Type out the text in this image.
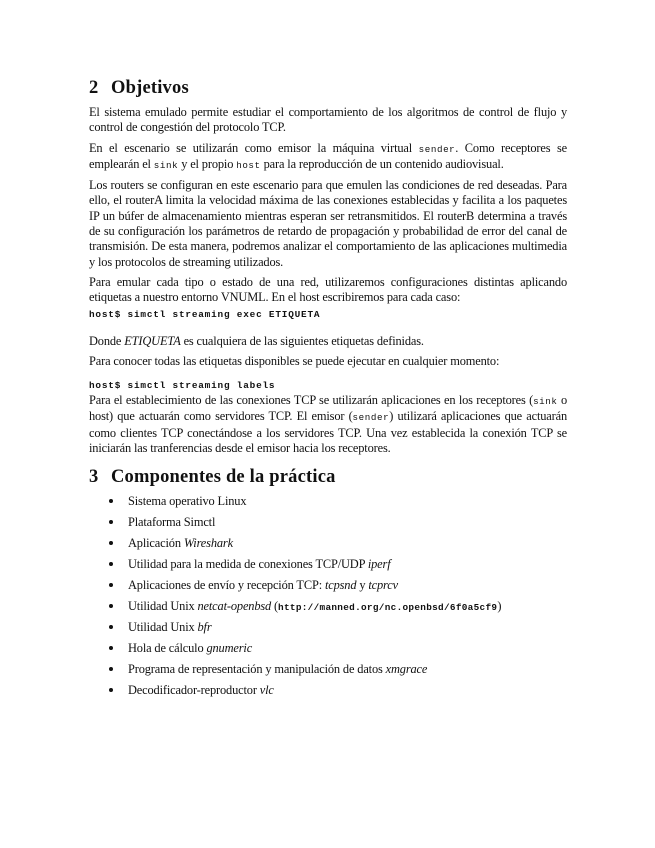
2 Objetivos

El sistema emulado permite estudiar el comportamiento de los algoritmos de control de flujo y control de congestión del protocolo TCP.

En el escenario se utilizarán como emisor la máquina virtual sender. Como receptores se emplearán el sink y el propio host para la reproducción de un contenido audiovisual.

Los routers se configuran en este escenario para que emulen las condiciones de red deseadas. Para ello, el routerA limita la velocidad máxima de las conexiones establecidas y facilita a los paquetes IP un búfer de almacenamiento mientras esperan ser retransmitidos. El routerB determina a través de su configuración los parámetros de retardo de propagación y probabilidad de error del canal de transmisión. De esta manera, podremos analizar el comportamiento de las aplicaciones multimedia y los protocolos de streaming utilizados.

Para emular cada tipo o estado de una red, utilizaremos configuraciones distintas aplicando etiquetas a nuestro entorno VNUML. En el host escribiremos para cada caso:

host$ simctl streaming exec ETIQUETA

Donde ETIQUETA es cualquiera de las siguientes etiquetas definidas.

Para conocer todas las etiquetas disponibles se puede ejecutar en cualquier momento:

host$ simctl streaming labels

Para el establecimiento de las conexiones TCP se utilizarán aplicaciones en los receptores (sink o host) que actuarán como servidores TCP. El emisor (sender) utilizará aplicaciones que actuarán como clientes TCP conectándose a los servidores TCP. Una vez establecida la conexión TCP se iniciarán las tranferencias desde el emisor hacia los receptores.

3 Componentes de la práctica
Sistema operativo Linux
Plataforma Simctl
Aplicación Wireshark
Utilidad para la medida de conexiones TCP/UDP iperf
Aplicaciones de envío y recepción TCP: tcpsnd y tcprcv
Utilidad Unix netcat-openbsd (http://manned.org/nc.openbsd/6f0a5cf9)
Utilidad Unix bfr
Hola de cálculo gnumeric
Programa de representación y manipulación de datos xmgrace
Decodificador-reproductor vlc
